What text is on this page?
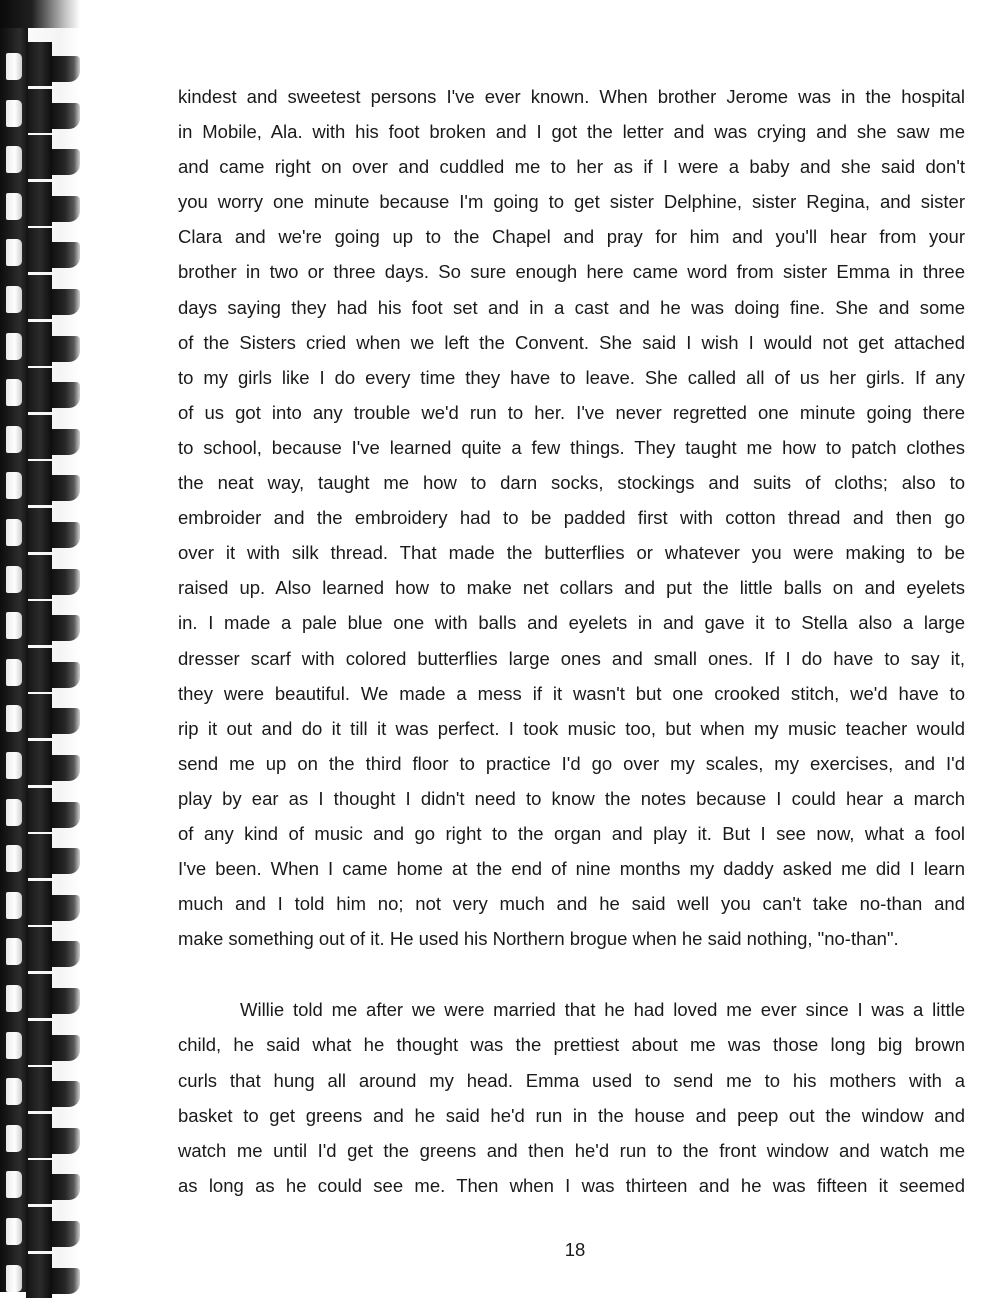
kindest and sweetest persons I've ever known. When brother Jerome was in the hospital

in Mobile, Ala. with his foot broken and I got the letter and was crying and she saw me

and came right on over and cuddled me to her as if I were a baby and she said don't

you worry one minute because I'm going to get sister Delphine, sister Regina, and sister

Clara and we're going up to the Chapel and pray for him and you'll hear from your

brother in two or three days. So sure enough here came word from sister Emma in three

days saying they had his foot set and in a cast and he was doing fine. She and some

of the Sisters cried when we left the Convent. She said I wish I would not get attached

to my girls like I do every time they have to leave. She called all of us her girls. If any

of us got into any trouble we'd run to her. I've never regretted one minute going there

to school, because I've learned quite a few things. They taught me how to patch clothes

the neat way, taught me how to darn socks, stockings and suits of cloths; also to

embroider and the embroidery had to be padded first with cotton thread and then go

over it with silk thread. That made the butterflies or whatever you were making to be

raised up. Also learned how to make net collars and put the little balls on and eyelets

in. I made a pale blue one with balls and eyelets in and gave it to Stella also a large

dresser scarf with colored butterflies large ones and small ones. If I do have to say it,

they were beautiful. We made a mess if it wasn't but one crooked stitch, we'd have to

rip it out and do it till it was perfect. I took music too, but when my music teacher would

send me up on the third floor to practice I'd go over my scales, my exercises, and I'd

play by ear as I thought I didn't need to know the notes because I could hear a march

of any kind of music and go right to the organ and play it. But I see now, what a fool

I've been. When I came home at the end of nine months my daddy asked me did I learn

much and I told him no; not very much and he said well you can't take no-than and

make something out of it. He used his Northern brogue when he said nothing, "no-than".

Willie told me after we were married that he had loved me ever since I was a little

child, he said what he thought was the prettiest about me was those long big brown

curls that hung all around my head. Emma used to send me to his mothers with a

basket to get greens and he said he'd run in the house and peep out the window and

watch me until I'd get the greens and then he'd run to the front window and watch me

as long as he could see me. Then when I was thirteen and he was fifteen it seemed

18
